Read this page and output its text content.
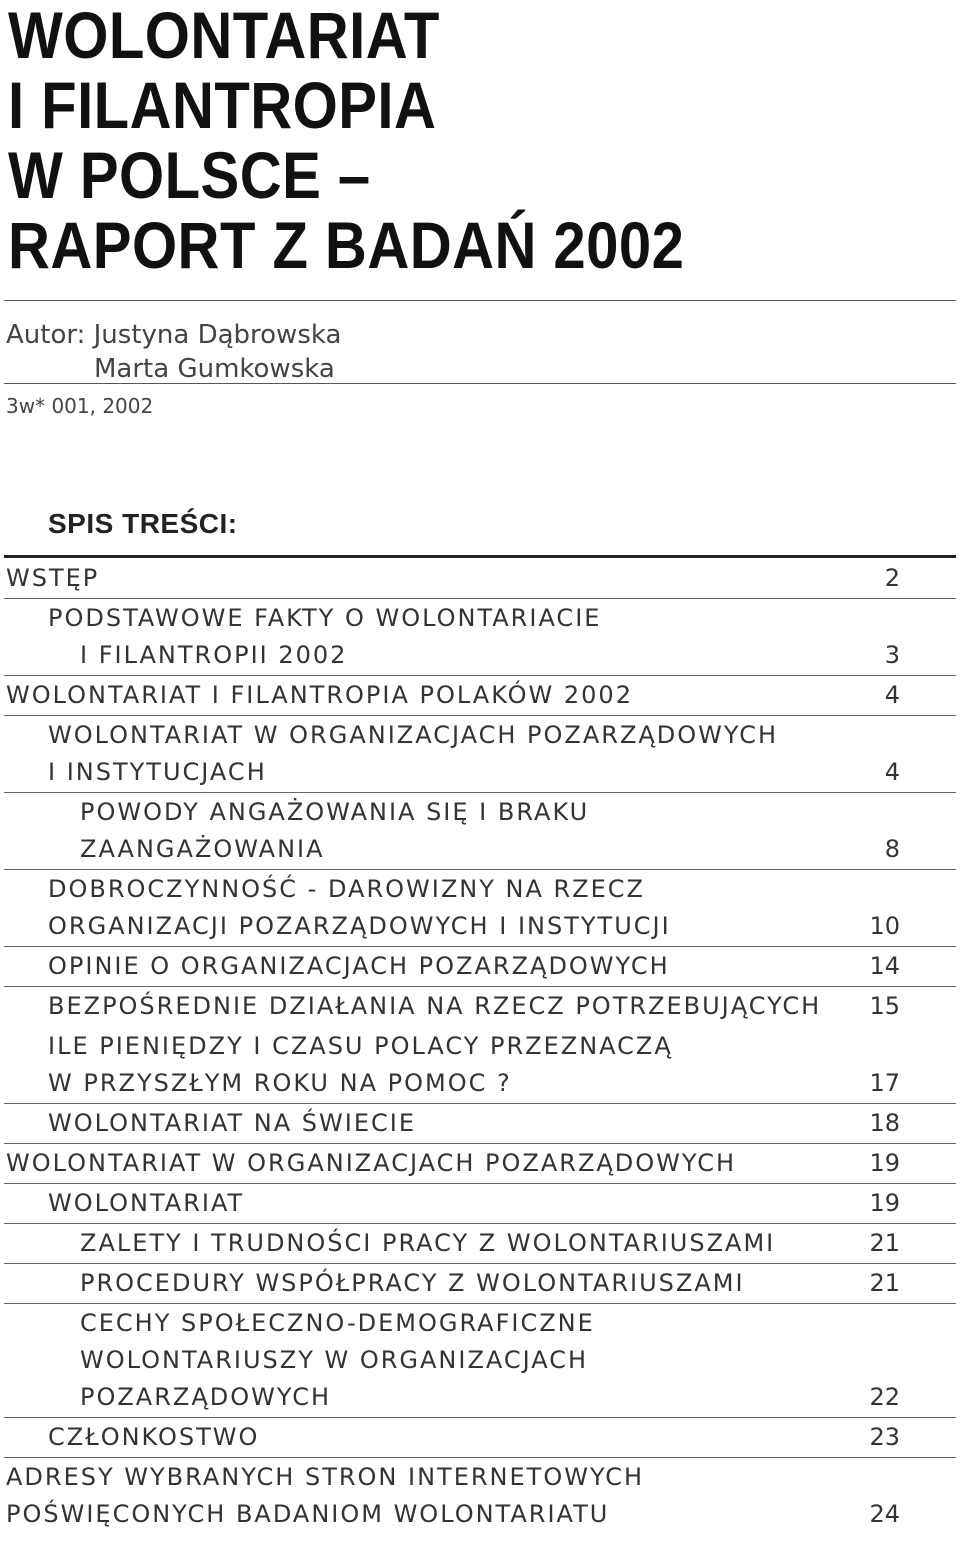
WOLONTARIAT
I FILANTROPIA
W POLSCE –
RAPORT Z BADAŃ 2002
Autor: Justyna Dąbrowska
Marta Gumkowska
3w* 001, 2002
SPIS TREŚCI:
WSTĘP	2
PODSTAWOWE FAKTY O WOLONTARIACIE
I FILANTROPII 2002	3
WOLONTARIAT I FILANTROPIA POLAKÓW 2002	4
WOLONTARIAT W ORGANIZACJACH POZARZĄDOWYCH
I INSTYTUCJACH	4
POWODY ANGAŻOWANIA SIĘ I BRAKU
ZAANGAŻOWANIA	8
DOBROCZYNNOŚĆ - DAROWIZNY NA RZECZ
ORGANIZACJI POZARZĄDOWYCH I INSTYTUCJI	10
OPINIE O ORGANIZACJACH POZARZĄDOWYCH	14
BEZPOŚREDNIE DZIAŁANIA NA RZECZ POTRZEBUJĄCYCH 15
ILE PIENIĘDZY I CZASU POLACY PRZEZNACZĄ
W PRZYSZŁYM ROKU NA POMOC ?	17
WOLONTARIAT NA ŚWIECIE	18
WOLONTARIAT W ORGANIZACJACH POZARZĄDOWYCH	19
WOLONTARIAT	19
ZALETY I TRUDNOŚCI PRACY Z WOLONTARIUSZAMI	21
PROCEDURY WSPÓŁPRACY Z WOLONTARIUSZAMI	21
CECHY SPOŁECZNO-DEMOGRAFICZNE
WOLONTARIUSZY W ORGANIZACJACH
POZARZĄDOWYCH	22
CZŁONKOSTWO	23
ADRESY WYBRANYCH STRON INTERNETOWYCH
POŚWIĘCONYCH BADANIOM WOLONTARIATU	24
